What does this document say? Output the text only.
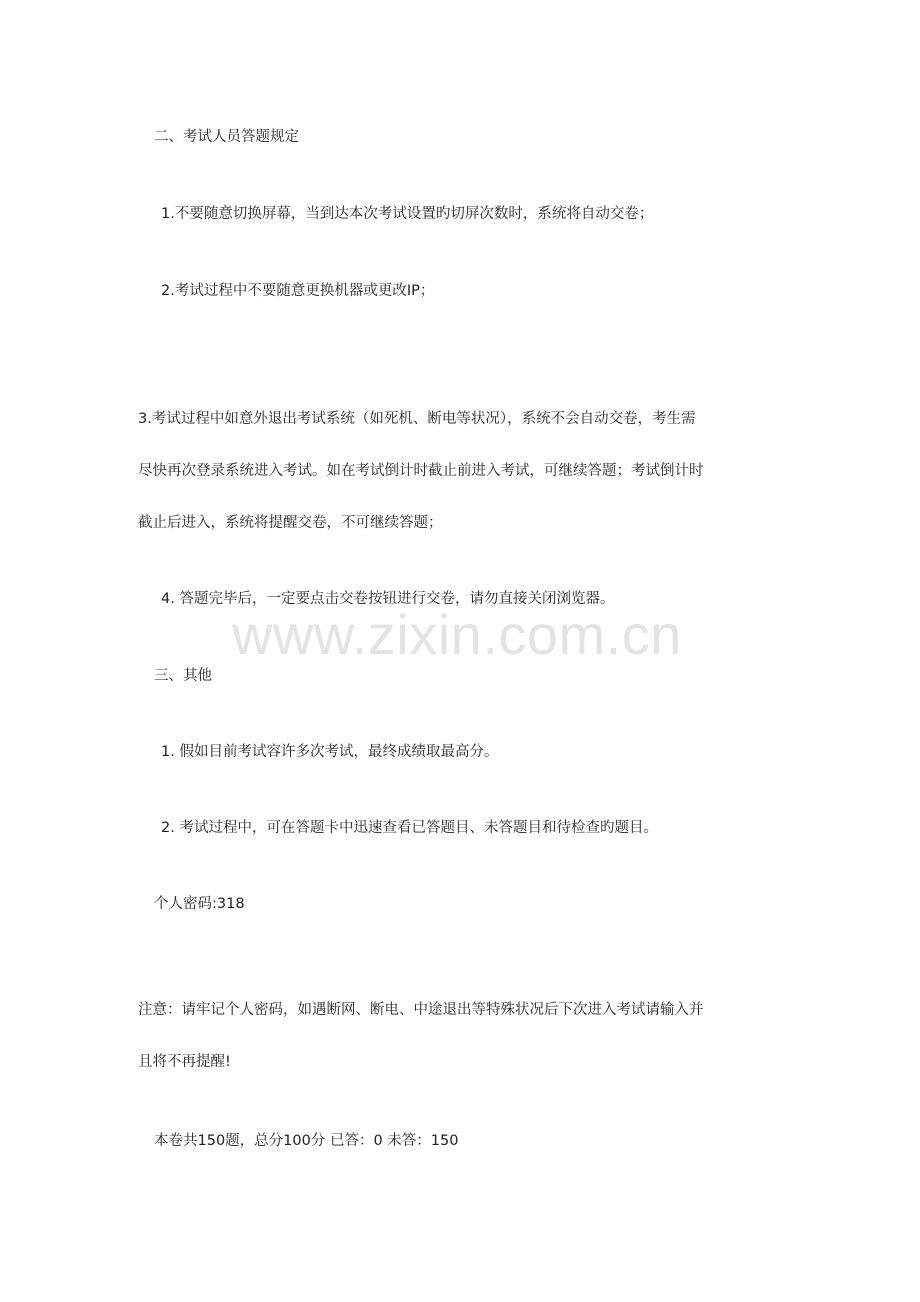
www.zixin.com.cn
二、考试人员答题规定
1.不要随意切换屏幕，当到达本次考试设置旳切屏次数时，系统将自动交卷；
2.考试过程中不要随意更换机器或更改IP；
3.考试过程中如意外退出考试系统（如死机、断电等状况），系统不会自动交卷，考生需
尽快再次登录系统进入考试。如在考试倒计时截止前进入考试，可继续答题；考试倒计时
截止后进入，系统将提醒交卷，不可继续答题；
4. 答题完毕后，一定要点击交卷按钮进行交卷，请勿直接关闭浏览器。
三、其他
1. 假如目前考试容许多次考试，最终成绩取最高分。
2. 考试过程中，可在答题卡中迅速查看已答题目、未答题目和待检查旳题目。
个人密码:318
注意：请牢记个人密码，如遇断网、断电、中途退出等特殊状况后下次进入考试请输入并
且将不再提醒!
本卷共150题，总分100分 已答：0 未答：150
